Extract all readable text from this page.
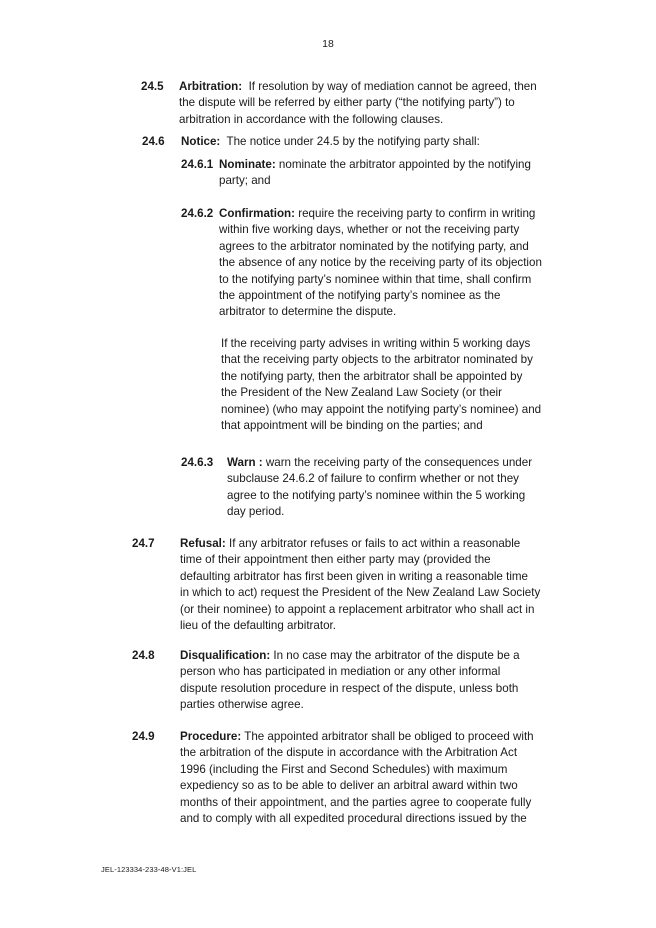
18
24.5 Arbitration: If resolution by way of mediation cannot be agreed, then
the dispute will be referred by either party (“the notifying party”) to
arbitration in accordance with the following clauses.
24.6 Notice: The notice under 24.5 by the notifying party shall:
24.6.1 Nominate: nominate the arbitrator appointed by the notifying
party; and
24.6.2 Confirmation: require the receiving party to confirm in writing
within five working days, whether or not the receiving party
agrees to the arbitrator nominated by the notifying party, and
the absence of any notice by the receiving party of its objection
to the notifying party’s nominee within that time, shall confirm
the appointment of the notifying party’s nominee as the
arbitrator to determine the dispute.
If the receiving party advises in writing within 5 working days
that the receiving party objects to the arbitrator nominated by
the notifying party, then the arbitrator shall be appointed by
the President of the New Zealand Law Society (or their
nominee) (who may appoint the notifying party’s nominee) and
that appointment will be binding on the parties; and
24.6.3 Warn : warn the receiving party of the consequences under
subclause 24.6.2 of failure to confirm whether or not they
agree to the notifying party’s nominee within the 5 working
day period.
24.7 Refusal: If any arbitrator refuses or fails to act within a reasonable
time of their appointment then either party may (provided the
defaulting arbitrator has first been given in writing a reasonable time
in which to act) request the President of the New Zealand Law Society
(or their nominee) to appoint a replacement arbitrator who shall act in
lieu of the defaulting arbitrator.
24.8 Disqualification: In no case may the arbitrator of the dispute be a
person who has participated in mediation or any other informal
dispute resolution procedure in respect of the dispute, unless both
parties otherwise agree.
24.9 Procedure: The appointed arbitrator shall be obliged to proceed with
the arbitration of the dispute in accordance with the Arbitration Act
1996 (including the First and Second Schedules) with maximum
expediency so as to be able to deliver an arbitral award within two
months of their appointment, and the parties agree to cooperate fully
and to comply with all expedited procedural directions issued by the
JEL-123334-233-48-V1:JEL
